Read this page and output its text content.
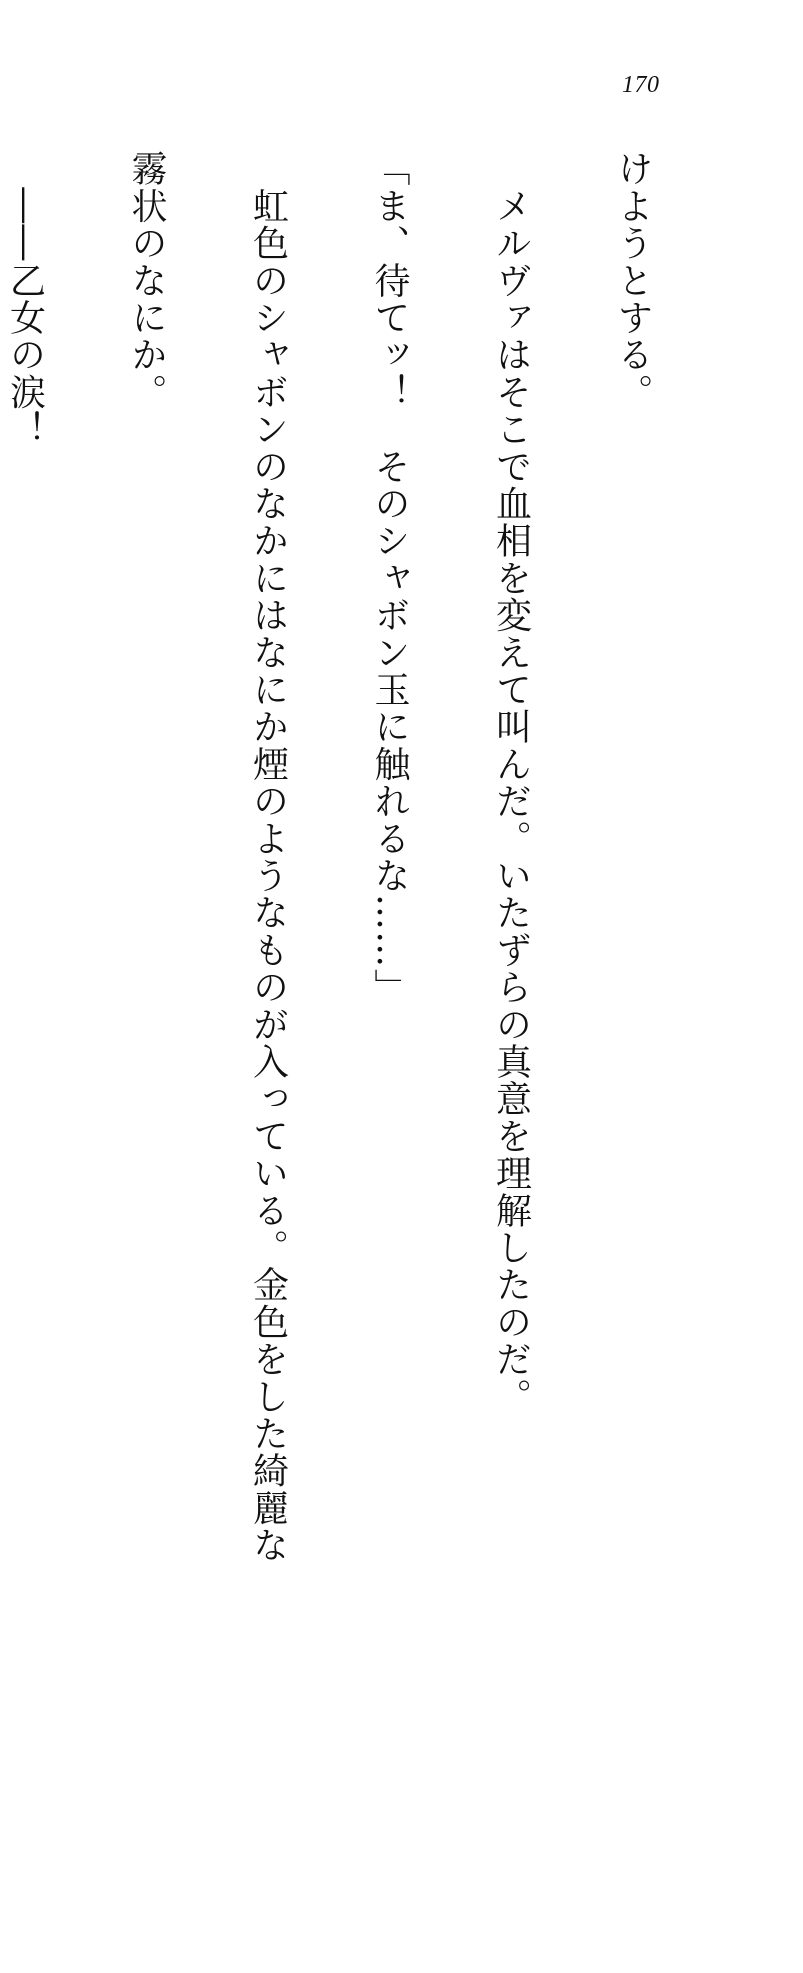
170

けようとする。

　メルヴァはそこで血相を変えて叫んだ。いたずらの真意を理解したのだ。

「ま、待てッ！　そのシャボン玉に触れるな……」

　虹色のシャボンのなかにはなにか煙のようなものが入っている。金色をした綺麗な

霧状のなにか。

　――乙女の涙！
